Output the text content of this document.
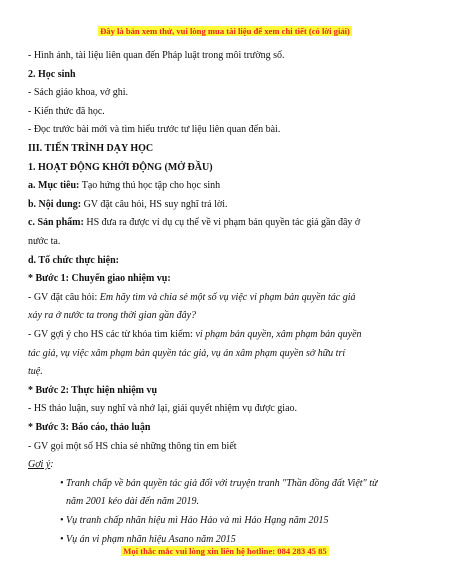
Đây là bản xem thử, vui lòng mua tài liệu để xem chi tiết (có lời giải)
- Hình ảnh, tài liệu liên quan đến Pháp luật trong môi trường số.
2. Học sinh
- Sách giáo khoa, vở ghi.
- Kiến thức đã học.
- Đọc trước bài mới và tìm hiểu trước tư liệu liên quan đến bài.
III. TIẾN TRÌNH DẠY HỌC
1. HOẠT ĐỘNG KHỞI ĐỘNG (MỞ ĐẦU)
a. Mục tiêu: Tạo hứng thú học tập cho học sinh
b. Nội dung: GV đặt câu hỏi, HS suy nghĩ trả lời.
c. Sản phẩm: HS đưa ra được ví dụ cụ thể về vi phạm bản quyền tác giả gần đây ở
nước ta.
d. Tổ chức thực hiện:
* Bước 1: Chuyển giao nhiệm vụ:
- GV đặt câu hỏi: Em hãy tìm và chia sẻ một số vụ việc vi phạm bản quyền tác giả
xảy ra ở nước ta trong thời gian gần đây?
- GV gợi ý cho HS các từ khóa tìm kiếm: vi phạm bản quyền, xâm phạm bản quyền
tác giả, vụ việc xâm phạm bản quyền tác giả, vụ án xâm phạm quyền sở hữu trí
tuệ.
* Bước 2: Thực hiện nhiệm vụ
- HS thảo luận, suy nghĩ và nhớ lại, giải quyết nhiệm vụ được giao.
* Bước 3: Báo cáo, thảo luận
- GV gọi một số HS chia sẻ những thông tin em biết
Gợi ý:
Mọi thắc mắc vui lòng xin liên hệ hotline: 084 283 45 85
• Tranh chấp về bản quyền tác giả đối với truyện tranh "Thần đồng đất Việt" từ
năm 2001 kéo dài đến năm 2019.
• Vụ tranh chấp nhãn hiệu mì Hảo Hảo và mì Hảo Hạng năm 2015
• Vụ án vi phạm nhãn hiệu Asano năm 2015
